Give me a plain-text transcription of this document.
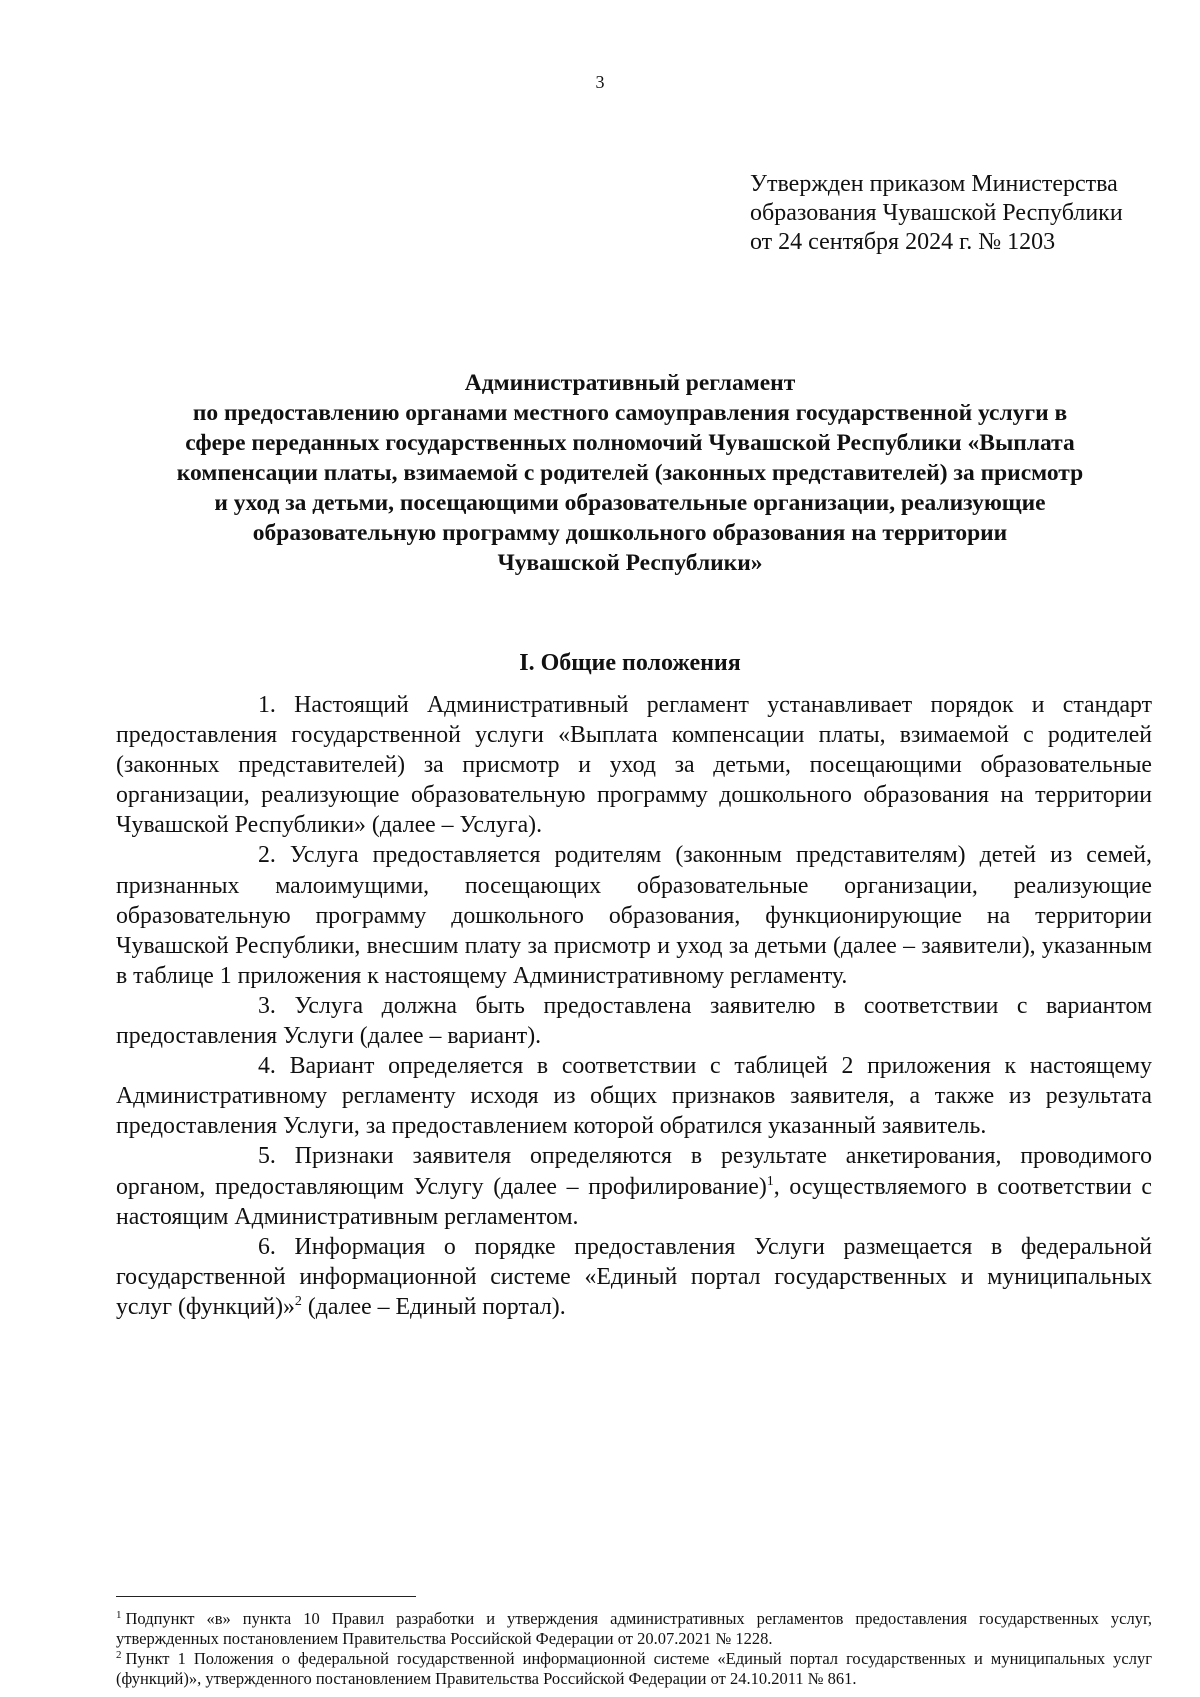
3
Утвержден приказом Министерства
образования Чувашской Республики
от 24 сентября 2024 г. № 1203
Административный регламент
по предоставлению органами местного самоуправления государственной услуги в
сфере переданных государственных полномочий Чувашской Республики «Выплата
компенсации платы, взимаемой с родителей (законных представителей) за присмотр
и уход за детьми, посещающими образовательные организации, реализующие
образовательную программу дошкольного образования на территории
Чувашской Республики»
I. Общие положения

1. Настоящий Административный регламент устанавливает порядок и стандарт предоставления государственной услуги «Выплата компенсации платы, взимаемой с родителей (законных представителей) за присмотр и уход за детьми, посещающими образовательные организации, реализующие образовательную программу дошкольного образования на территории Чувашской Республики» (далее – Услуга).

2. Услуга предоставляется родителям (законным представителям) детей из семей, признанных малоимущими, посещающих образовательные организации, реализующие образовательную программу дошкольного образования, функционирующие на территории Чувашской Республики, внесшим плату за присмотр и уход за детьми (далее – заявители), указанным в таблице 1 приложения к настоящему Административному регламенту.

3. Услуга должна быть предоставлена заявителю в соответствии с вариантом предоставления Услуги (далее – вариант).

4. Вариант определяется в соответствии с таблицей 2 приложения к настоящему Административному регламенту исходя из общих признаков заявителя, а также из результата предоставления Услуги, за предоставлением которой обратился указанный заявитель.

5. Признаки заявителя определяются в результате анкетирования, проводимого органом, предоставляющим Услугу (далее – профилирование)$^1$, осуществляемого в соответствии с настоящим Административным регламентом.

6. Информация о порядке предоставления Услуги размещается в федеральной государственной информационной системе «Единый портал государственных и муниципальных услуг (функций)»$^2$ (далее – Единый портал).

$^1$ Подпункт «в» пункта 10 Правил разработки и утверждения административных регламентов предоставления государственных услуг, утвержденных постановлением Правительства Российской Федерации от 20.07.2021 № 1228.

$^2$ Пункт 1 Положения о федеральной государственной информационной системе «Единый портал государственных и муниципальных услуг (функций)», утвержденного постановлением Правительства Российской Федерации от 24.10.2011 № 861.
